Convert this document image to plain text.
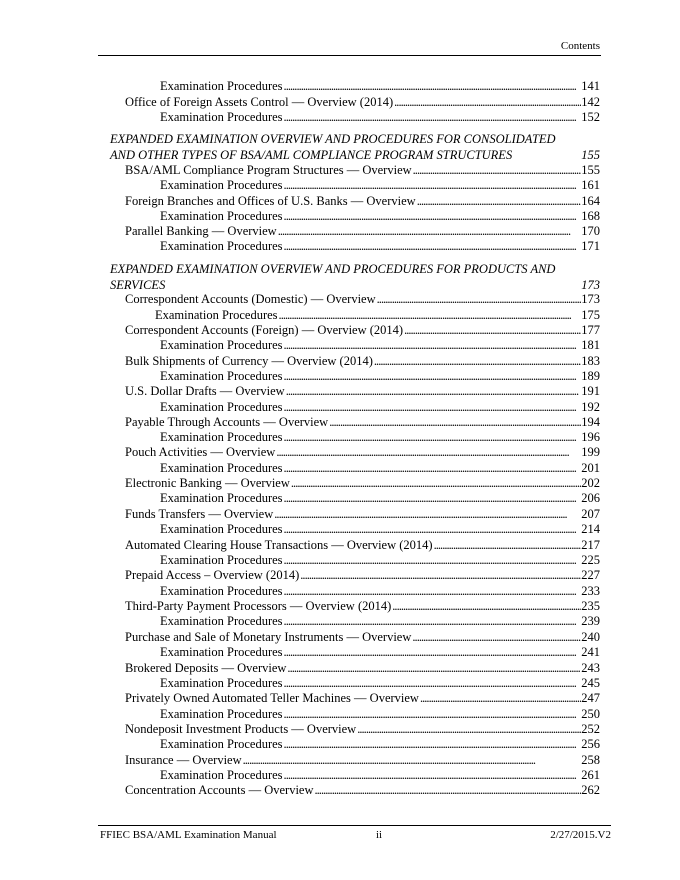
Contents
Examination Procedures . . .	141
Office of Foreign Assets Control — Overview (2014) . . .	142
Examination Procedures . . .	152
EXPANDED EXAMINATION OVERVIEW AND PROCEDURES FOR CONSOLIDATED
AND OTHER TYPES OF BSA/AML COMPLIANCE PROGRAM STRUCTURES	155
BSA/AML Compliance Program Structures — Overview . . .	155
Examination Procedures . . .	161
Foreign Branches and Offices of U.S. Banks — Overview . . .	164
Examination Procedures . . .	168
Parallel Banking — Overview . . .	170
Examination Procedures . . .	171
EXPANDED EXAMINATION OVERVIEW AND PROCEDURES FOR PRODUCTS AND
SERVICES	173
Correspondent Accounts (Domestic) — Overview . . .	173
Examination Procedures . . .	175
Correspondent Accounts (Foreign) — Overview (2014) . . .	177
Examination Procedures . . .	181
Bulk Shipments of Currency — Overview (2014) . . .	183
Examination Procedures . . .	189
U.S. Dollar Drafts — Overview . . .	191
Examination Procedures . . .	192
Payable Through Accounts — Overview . . .	194
Examination Procedures . . .	196
Pouch Activities — Overview . . .	199
Examination Procedures . . .	201
Electronic Banking — Overview . . .	202
Examination Procedures . . .	206
Funds Transfers — Overview . . .	207
Examination Procedures . . .	214
Automated Clearing House Transactions — Overview (2014) . . .	217
Examination Procedures . . .	225
Prepaid Access – Overview (2014) . . .	227
Examination Procedures . . .	233
Third-Party Payment Processors — Overview (2014) . . .	235
Examination Procedures . . .	239
Purchase and Sale of Monetary Instruments — Overview . . .	240
Examination Procedures . . .	241
Brokered Deposits — Overview . . .	243
Examination Procedures . . .	245
Privately Owned Automated Teller Machines — Overview . . .	247
Examination Procedures . . .	250
Nondeposit Investment Products — Overview . . .	252
Examination Procedures . . .	256
Insurance — Overview . . .	258
Examination Procedures . . .	261
Concentration Accounts — Overview . . .	262
FFIEC BSA/AML Examination Manual	ii	2/27/2015.V2
